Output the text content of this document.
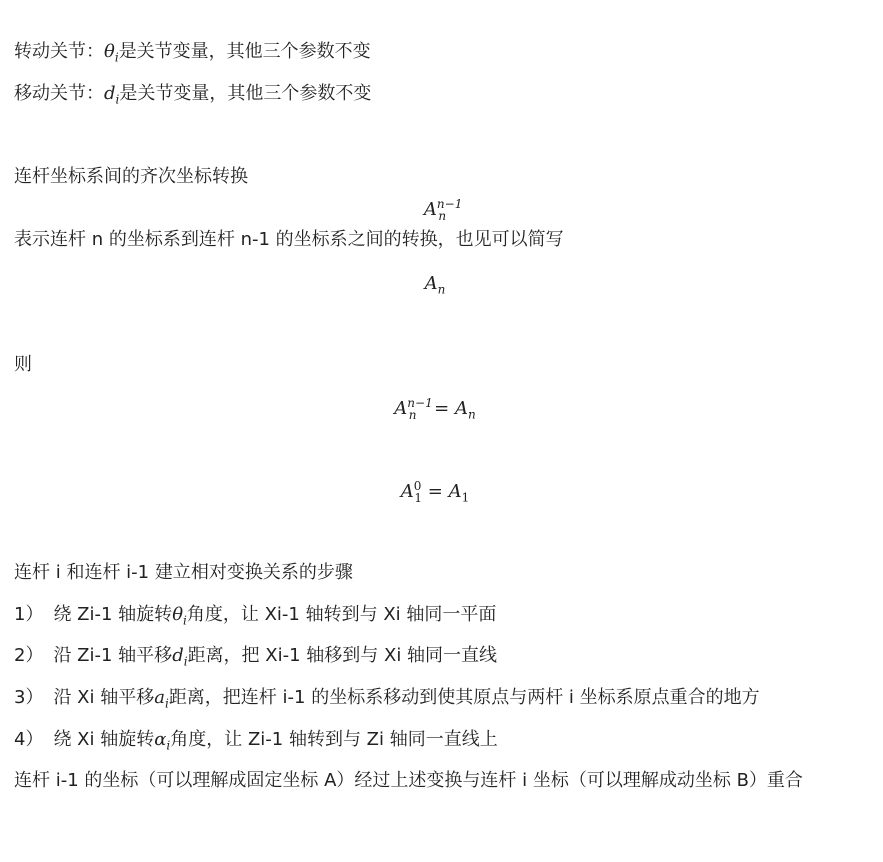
转动关节：$\theta_i$是关节变量，其他三个参数不变
移动关节：$d_i$是关节变量，其他三个参数不变
连杆坐标系间的齐次坐标转换
$A^{n-1}_n$
表示连杆 n 的坐标系到连杆 n-1 的坐标系之间的转换，也见可以简写
$A_n$
则
$A^{n-1}_n = A_n$
$A^0_1 = A_1$
连杆 i 和连杆 i-1 建立相对变换关系的步骤
1） 绕 Zi-1 轴旋转$\theta_i$角度，让 Xi-1 轴转到与 Xi 轴同一平面
2） 沿 Zi-1 轴平移$d_i$距离，把 Xi-1 轴移到与 Xi 轴同一直线
3） 沿 Xi 轴平移$a_i$距离，把连杆 i-1 的坐标系移动到使其原点与两杆 i 坐标系原点重合的地方
4） 绕 Xi 轴旋转$\alpha_i$角度，让 Zi-1 轴转到与 Zi 轴同一直线上
连杆 i-1 的坐标（可以理解成固定坐标 A）经过上述变换与连杆 i 坐标（可以理解成动坐标 B）重合
